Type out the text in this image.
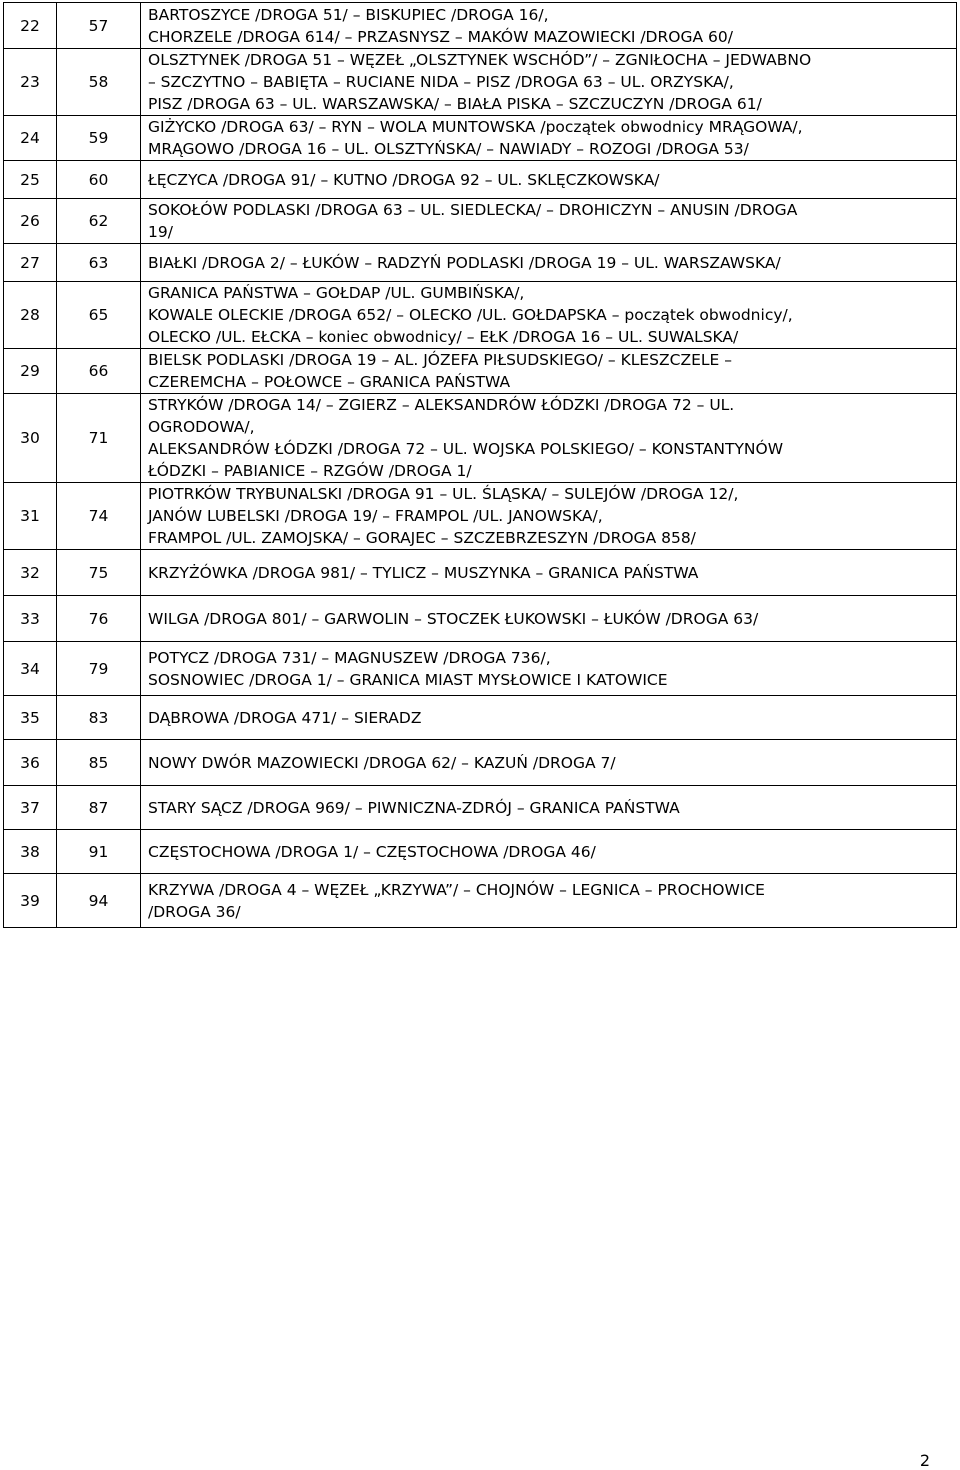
22	57	BARTOSZYCE /DROGA 51/ – BISKUPIEC /DROGA 16/,
CHORZELE /DROGA 614/ – PRZASNYSZ – MAKÓW MAZOWIECKI /DROGA 60/

23	58	OLSZTYNEK /DROGA 51 – WĘZEŁ „OLSZTYNEK WSCHÓD”/ – ZGNIŁOCHA – JEDWABNO
– SZCZYTNO – BABIĘTA – RUCIANE NIDA – PISZ /DROGA 63 – UL. ORZYSKA/,
PISZ /DROGA 63 – UL. WARSZAWSKA/ – BIAŁA PISKA – SZCZUCZYN /DROGA 61/

24	59	GIŻYCKO /DROGA 63/ – RYN – WOLA MUNTOWSKA /początek obwodnicy MRĄGOWA/,
MRĄGOWO /DROGA 16 – UL. OLSZTYŃSKA/ – NAWIADY – ROZOGI /DROGA 53/

25	60	ŁĘCZYCA /DROGA 91/ – KUTNO /DROGA 92 – UL. SKLĘCZKOWSKA/

26	62	SOKOŁÓW PODLASKI /DROGA 63 – UL. SIEDLECKA/ – DROHICZYN – ANUSIN /DROGA
19/

27	63	BIAŁKI /DROGA 2/ – ŁUKÓW – RADZYŃ PODLASKI /DROGA 19 – UL. WARSZAWSKA/

28	65	GRANICA PAŃSTWA – GOŁDAP /UL. GUMBIŃSKA/,
KOWALE OLECKIE /DROGA 652/ – OLECKO /UL. GOŁDAPSKA – początek obwodnicy/,
OLECKO /UL. EŁCKA – koniec obwodnicy/ – EŁK /DROGA 16 – UL. SUWALSKA/

29	66	BIELSK PODLASKI /DROGA 19 – AL. JÓZEFA PIŁSUDSKIEGO/ – KLESZCZELE –
CZEREMCHA – POŁOWCE – GRANICA PAŃSTWA

30	71	STRYKÓW /DROGA 14/ – ZGIERZ – ALEKSANDRÓW ŁÓDZKI /DROGA 72 – UL.
OGRODOWA/,
ALEKSANDRÓW ŁÓDZKI /DROGA 72 – UL. WOJSKA POLSKIEGO/ – KONSTANTYNÓW
ŁÓDZKI – PABIANICE – RZGÓW /DROGA 1/

31	74	PIOTRKÓW TRYBUNALSKI /DROGA 91 – UL. ŚLĄSKA/ – SULEJÓW /DROGA 12/,
JANÓW LUBELSKI /DROGA 19/ – FRAMPOL /UL. JANOWSKA/,
FRAMPOL /UL. ZAMOJSKA/ – GORAJEC – SZCZEBRZESZYN /DROGA 858/

32	75	KRZYŻÓWKA /DROGA 981/ – TYLICZ – MUSZYNKA – GRANICA PAŃSTWA

33	76	WILGA /DROGA 801/ – GARWOLIN – STOCZEK ŁUKOWSKI – ŁUKÓW /DROGA 63/

34	79	POTYCZ /DROGA 731/ – MAGNUSZEW /DROGA 736/,
SOSNOWIEC /DROGA 1/ – GRANICA MIAST MYSŁOWICE I KATOWICE

35	83	DĄBROWA /DROGA 471/ – SIERADZ

36	85	NOWY DWÓR MAZOWIECKI /DROGA 62/ – KAZUŃ /DROGA 7/

37	87	STARY SĄCZ /DROGA 969/ – PIWNICZNA-ZDRÓJ – GRANICA PAŃSTWA

38	91	CZĘSTOCHOWA /DROGA 1/ – CZĘSTOCHOWA /DROGA 46/

39	94	KRZYWA /DROGA 4 – WĘZEŁ „KRZYWA”/ – CHOJNÓW – LEGNICA – PROCHOWICE
/DROGA 36/
2
